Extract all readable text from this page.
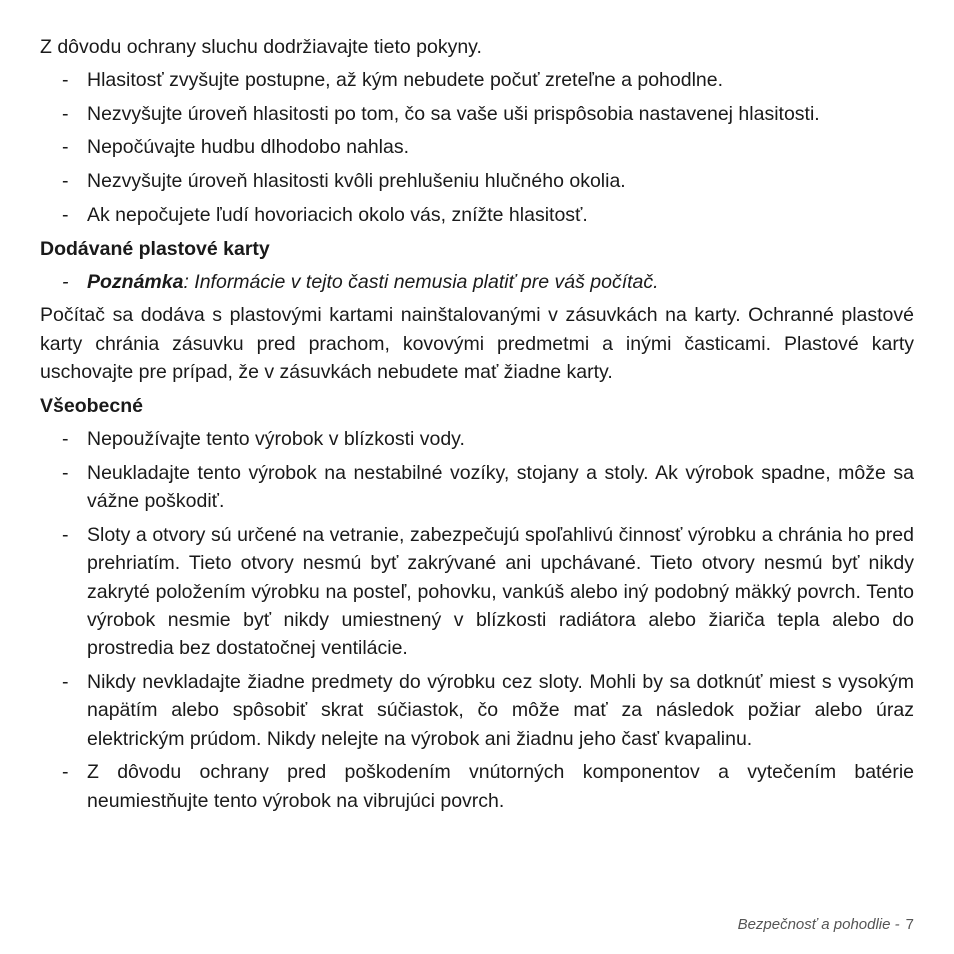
Z dôvodu ochrany sluchu dodržiavajte tieto pokyny.

- Hlasitosť zvyšujte postupne, až kým nebudete počuť zreteľne a pohodlne.
- Nezvyšujte úroveň hlasitosti po tom, čo sa vaše uši prispôsobia nastavenej hlasitosti.
- Nepočúvajte hudbu dlhodobo nahlas.
- Nezvyšujte úroveň hlasitosti kvôli prehlušeniu hlučného okolia.
- Ak nepočujete ľudí hovoriacich okolo vás, znížte hlasitosť.

Dodávané plastové karty

- Poznámka: Informácie v tejto časti nemusia platiť pre váš počítač.

Počítač sa dodáva s plastovými kartami nainštalovanými v zásuvkách na karty. Ochranné plastové karty chránia zásuvku pred prachom, kovovými predmetmi a inými časticami. Plastové karty uschovajte pre prípad, že v zásuvkách nebudete mať žiadne karty.

Všeobecné

- Nepoužívajte tento výrobok v blízkosti vody.
- Neukladajte tento výrobok na nestabilné vozíky, stojany a stoly. Ak výrobok spadne, môže sa vážne poškodiť.
- Sloty a otvory sú určené na vetranie, zabezpečujú spoľahlivú činnosť výrobku a chránia ho pred prehriatím. Tieto otvory nesmú byť zakrývané ani upchávané. Tieto otvory nesmú byť nikdy zakryté položením výrobku na posteľ, pohovku, vankúš alebo iný podobný mäkký povrch. Tento výrobok nesmie byť nikdy umiestnený v blízkosti radiátora alebo žiariča tepla alebo do prostredia bez dostatočnej ventilácie.
- Nikdy nevkladajte žiadne predmety do výrobku cez sloty. Mohli by sa dotknúť miest s vysokým napätím alebo spôsobiť skrat súčiastok, čo môže mať za následok požiar alebo úraz elektrickým prúdom. Nikdy nelejte na výrobok ani žiadnu jeho časť kvapalinu.
- Z dôvodu ochrany pred poškodením vnútorných komponentov a vytečením batérie neumiestňujte tento výrobok na vibrujúci povrch.
Bezpečnosť a pohodlie - 7
